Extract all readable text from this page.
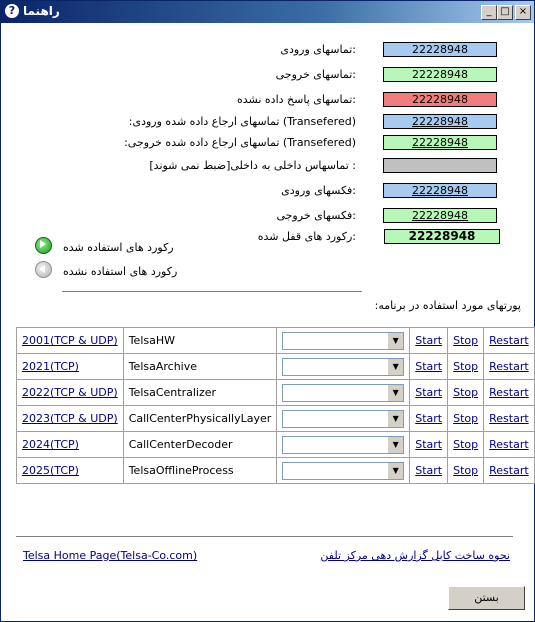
? راهنما	_ □ ×
:تماسهای ورودی	22228948
:تماسهای خروجی	22228948
:تماسهای پاسخ داده نشده	22228948
(Transefered) تماسهای ارجاع داده شده ورودی:	22228948
(Transefered) تماسهای ارجاع داده شده خروجی:	22228948
: تماسهاس داخلی به داخلی[ضبط نمی شوند]
:فکسهای ورودی	22228948
:فکسهای خروجی	22228948
:رکورد های قفل شده	22228948
رکورد های استفاده شده
رکورد های استفاده نشده
پورتهای مورد استفاده در برنامه:
2001(TCP & UDP)	TelsaHW	▼	Start	Stop	Restart
2021(TCP)	TelsaArchive	▼	Start	Stop	Restart
2022(TCP & UDP)	TelsaCentralizer	▼	Start	Stop	Restart
2023(TCP & UDP)	CallCenterPhysicallyLayer	▼	Start	Stop	Restart
2024(TCP)	CallCenterDecoder	▼	Start	Stop	Restart
2025(TCP)	TelsaOfflineProcess	▼	Start	Stop	Restart
Telsa Home Page(Telsa-Co.com)	نحوه ساخت کابل گزارش دهی مرکز تلفن
بستن
